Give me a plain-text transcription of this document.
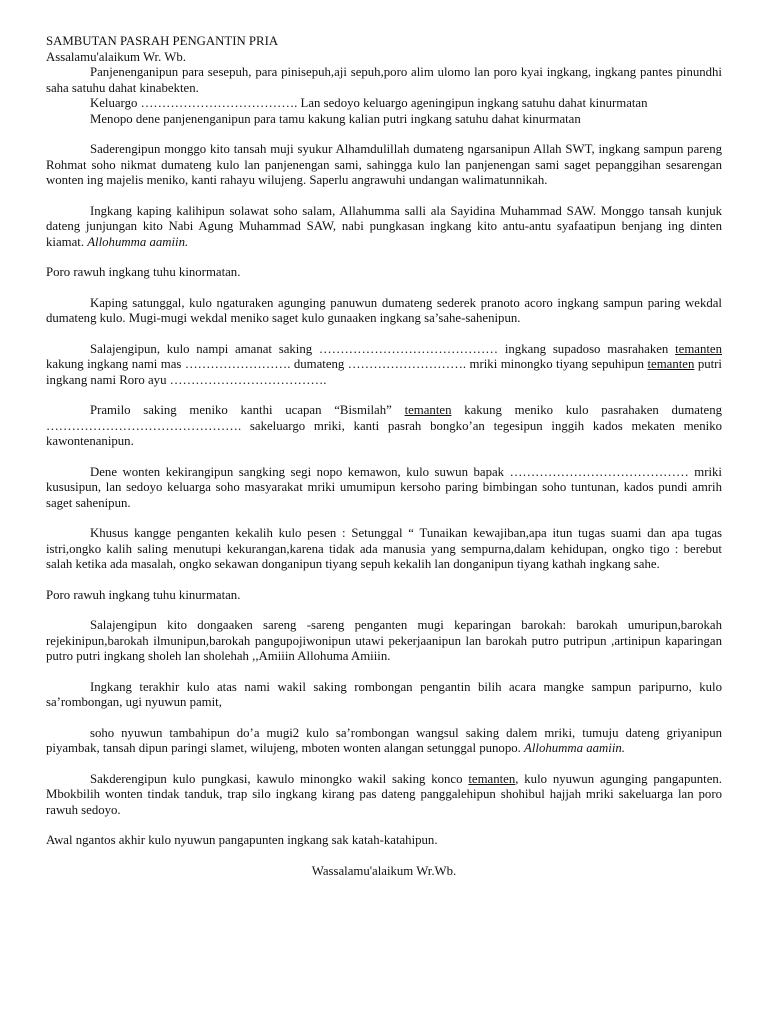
SAMBUTAN PASRAH PENGANTIN PRIA

Assalamu'alaikum Wr. Wb.

Panjenenganipun para sesepuh, para pinisepuh,aji sepuh,poro alim ulomo lan poro kyai ingkang, ingkang pantes pinundhi saha satuhu dahat kinabekten.

Keluargo ………………………………. Lan sedoyo keluargo ageningipun ingkang satuhu dahat kinurmatan

Menopo dene panjenenganipun para tamu kakung kalian putri ingkang satuhu dahat kinurmatan

Saderengipun monggo kito tansah muji syukur Alhamdulillah dumateng ngarsanipun Allah SWT, ingkang sampun pareng Rohmat soho nikmat dumateng kulo lan panjenengan sami, sahingga kulo lan panjenengan sami saget pepanggihan sesarengan wonten ing majelis meniko, kanti rahayu wilujeng. Saperlu angrawuhi undangan walimatunnikah.

Ingkang kaping kalihipun solawat soho salam, Allahumma salli ala Sayidina Muhammad SAW. Monggo tansah kunjuk dateng junjungan kito Nabi Agung Muhammad SAW, nabi pungkasan ingkang kito antu-antu syafaatipun benjang ing dinten kiamat. Allohumma aamiin.

Poro rawuh ingkang tuhu kinormatan.

Kaping satunggal, kulo ngaturaken agunging panuwun dumateng sederek pranoto acoro ingkang sampun paring wekdal dumateng kulo. Mugi-mugi wekdal meniko saget kulo gunaaken ingkang sa’sahe-sahenipun.

Salajengipun, kulo nampi amanat saking …………………………………… ingkang supadoso masrahaken temanten kakung ingkang nami mas ……………………. dumateng ………………………. mriki minongko tiyang sepuhipun temanten putri ingkang nami Roro ayu ……………………………….

Pramilo saking meniko kanthi ucapan “Bismilah” temanten kakung meniko kulo pasrahaken dumateng ………………………………………. sakeluargo mriki, kanti pasrah bongko’an tegesipun inggih kados mekaten meniko kawontenanipun.

Dene wonten kekirangipun sangking segi nopo kemawon, kulo suwun bapak …………………………………… mriki kususipun, lan sedoyo keluarga soho masyarakat mriki umumipun kersoho paring bimbingan soho tuntunan, kados pundi amrih saget sahenipun.

Khusus kangge penganten kekalih kulo pesen : Setunggal “ Tunaikan kewajiban,apa itun tugas suami dan apa tugas istri,ongko kalih saling menutupi kekurangan,karena tidak ada manusia yang sempurna,dalam kehidupan, ongko tigo : berebut salah ketika ada masalah, ongko sekawan donganipun tiyang sepuh kekalih lan donganipun tiyang kathah ingkang sahe.

Poro rawuh ingkang tuhu kinurmatan.

Salajengipun kito dongaaken sareng -sareng penganten mugi keparingan barokah: barokah umuripun,barokah rejekinipun,barokah ilmunipun,barokah pangupojiwonipun utawi pekerjaanipun lan barokah putro putripun ,artinipun kaparingan putro putri ingkang sholeh lan sholehah ,,Amiiin Allohuma Amiiin.

Ingkang terakhir kulo atas nami wakil saking rombongan pengantin bilih acara mangke sampun paripurno, kulo sa’rombongan, ugi nyuwun pamit,

soho nyuwun tambahipun do’a mugi2 kulo sa’rombongan wangsul saking dalem mriki, tumuju dateng griyanipun piyambak, tansah dipun paringi slamet, wilujeng, mboten wonten alangan setunggal punopo. Allohumma aamiin.

Sakderengipun kulo pungkasi, kawulo minongko wakil saking konco temanten, kulo nyuwun agunging pangapunten. Mbokbilih wonten tindak tanduk, trap silo ingkang kirang pas dateng panggalehipun shohibul hajjah mriki sakeluarga lan poro rawuh sedoyo.

Awal ngantos akhir kulo nyuwun pangapunten ingkang sak katah-katahipun.

Wassalamu'alaikum Wr.Wb.
